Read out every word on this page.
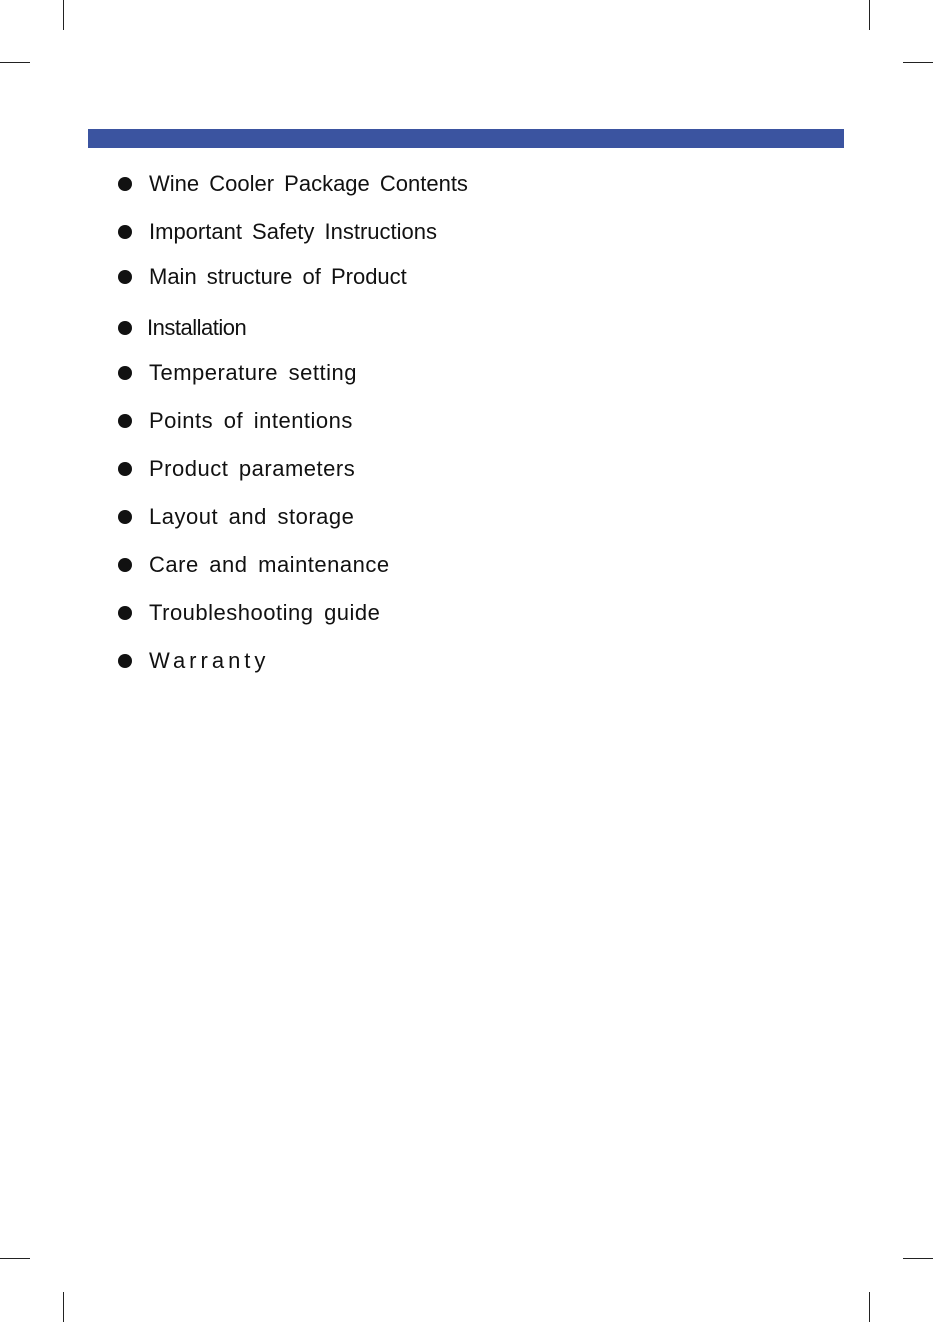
Wine Cooler Package Contents
Important Safety Instructions
Main structure of Product
Installation
Temperature setting
Points of intentions
Product parameters
Layout and storage
Care and maintenance
Troubleshooting guide
Warranty
